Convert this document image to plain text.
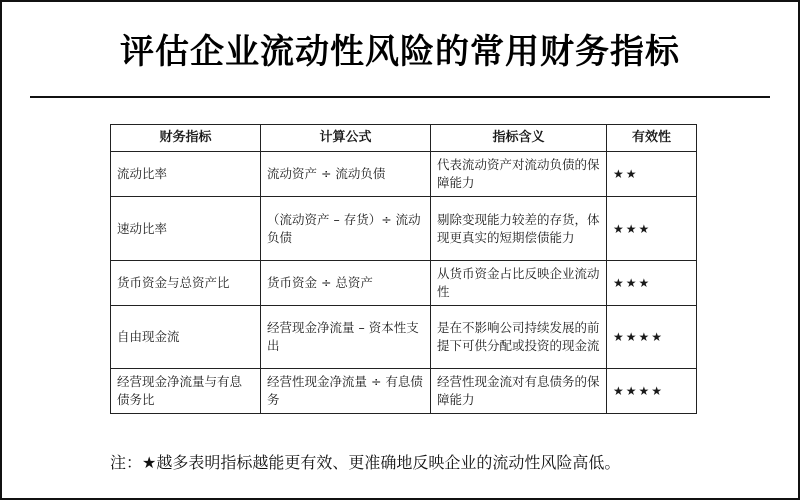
评估企业流动性风险的常用财务指标
财务指标	计算公式	指标含义	有效性
流动比率	流动资产 ÷ 流动负债	代表流动资产对流动负债的保障能力	★★
速动比率	（流动资产 – 存货）÷ 流动负债	剔除变现能力较差的存货，体现更真实的短期偿债能力	★★★
货币资金与总资产比	货币资金 ÷ 总资产	从货币资金占比反映企业流动性	★★★
自由现金流	经营现金净流量 – 资本性支出	是在不影响公司持续发展的前提下可供分配或投资的现金流	★★★★
经营现金净流量与有息债务比	经营性现金净流量 ÷ 有息债务	经营性现金流对有息债务的保障能力	★★★★
注：★越多表明指标越能更有效、更准确地反映企业的流动性风险高低。
